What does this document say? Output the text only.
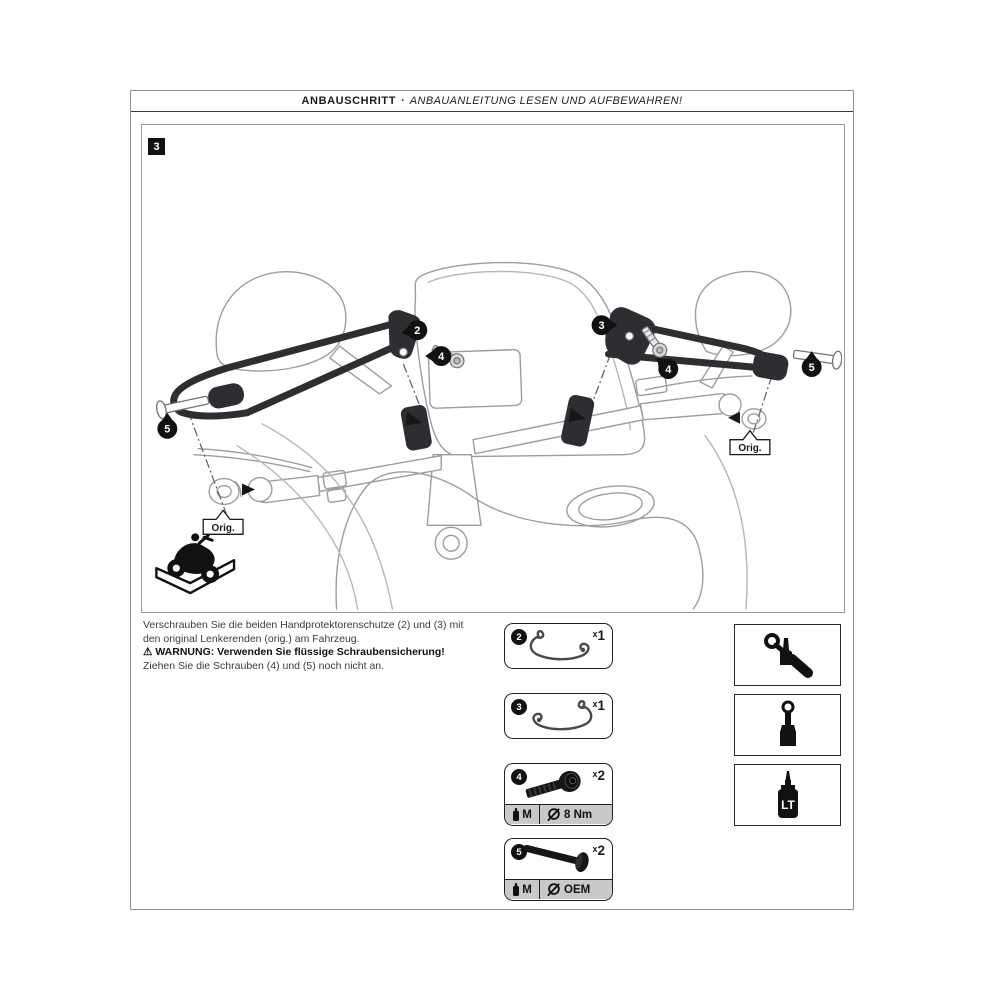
ANBAUSCHRITT · ANBAUANLEITUNG LESEN UND AUFBEWAHREN!
3
2
4
5
3
4	5
Orig.
Orig.
Verschrauben Sie die beiden Handprotektorenschutze (2) und (3) mit den original Lenkerenden (orig.) am Fahrzeug.
⚠ WARNUNG: Verwenden Sie flüssige Schraubensicherung!
Ziehen Sie die Schrauben (4) und (5) noch nicht an.
2	x1
3	x1
4	x2
M	8 Nm
5	x2
M	OEM
LT
